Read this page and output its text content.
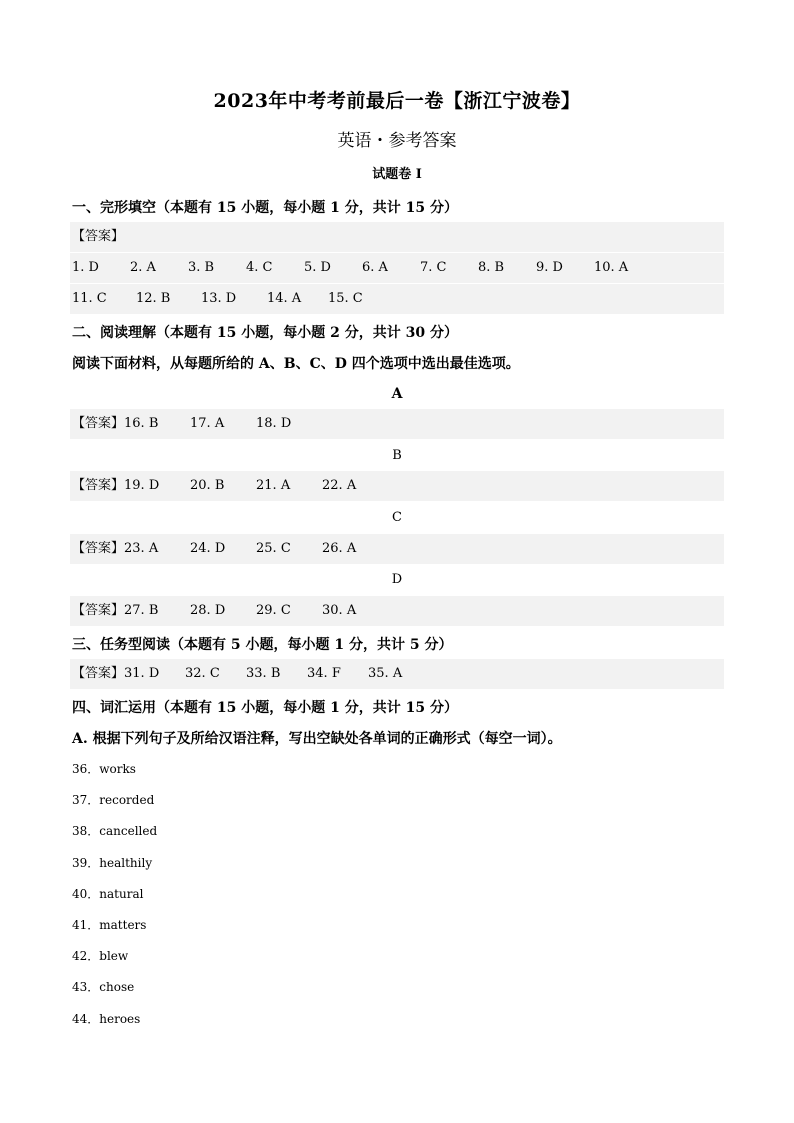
2023年中考考前最后一卷【浙江宁波卷】
英语・参考答案
试题卷 I
一、完形填空（本题有 15 小题，每小题 1 分，共计 15 分）
【答案】
1. D 2. A 3. B 4. C 5. D 6. A 7. C 8. B 9. D 10. A
11. C 12. B 13. D 14. A 15. C
二、阅读理解（本题有 15 小题，每小题 2 分，共计 30 分）
阅读下面材料，从每题所给的 A、B、C、D 四个选项中选出最佳选项。
A
【答案】16. B 17. A 18. D
B
【答案】19. D 20. B 21. A 22. A
C
【答案】23. A 24. D 25. C 26. A
D
【答案】27. B 28. D 29. C 30. A
三、任务型阅读（本题有 5 小题，每小题 1 分，共计 5 分）
【答案】31. D 32. C 33. B 34. F 35. A
四、词汇运用（本题有 15 小题，每小题 1 分，共计 15 分）
A. 根据下列句子及所给汉语注释，写出空缺处各单词的正确形式（每空一词）。
36．works
37．recorded
38．cancelled
39．healthily
40．natural
41．matters
42．blew
43．chose
44．heroes
